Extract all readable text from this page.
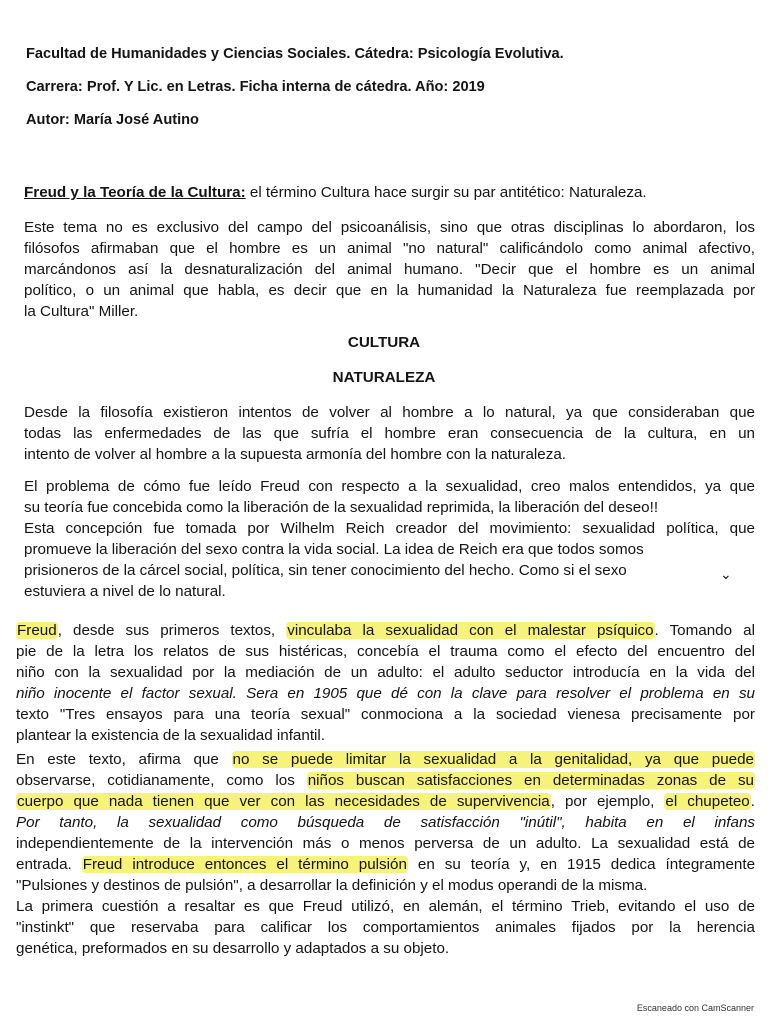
Facultad de Humanidades y Ciencias Sociales. Cátedra: Psicología Evolutiva.
Carrera: Prof. Y Lic. en Letras. Ficha interna de cátedra. Año: 2019
Autor: María José Autino
Freud y la Teoría de la Cultura: el término Cultura hace surgir su par antitético: Naturaleza.
Este tema no es exclusivo del campo del psicoanálisis, sino que otras disciplinas lo abordaron, los
filósofos afirmaban que el hombre es un animal "no natural" calificándolo como animal afectivo,
marcándonos así la desnaturalización del animal humano. "Decir que el hombre es un animal
político, o un animal que habla, es decir que en la humanidad la Naturaleza fue reemplazada por
la Cultura" Miller.
CULTURA
NATURALEZA
Desde la filosofía existieron intentos de volver al hombre a lo natural, ya que consideraban que
todas las enfermedades de las que sufría el hombre eran consecuencia de la cultura, en un
intento de volver al hombre a la supuesta armonía del hombre con la naturaleza.
El problema de cómo fue leído Freud con respecto a la sexualidad, creo malos entendidos, ya que
su teoría fue concebida como la liberación de la sexualidad reprimida, la liberación del deseo!!
Esta concepción fue tomada por Wilhelm Reich creador del movimiento: sexualidad política, que
promueve la liberación del sexo contra la vida social. La idea de Reich era que todos somos
prisioneros de la cárcel social, política, sin tener conocimiento del hecho. Como si el sexo
estuviera a nivel de lo natural.
⌄
Freud, desde sus primeros textos, vinculaba la sexualidad con el malestar psíquico. Tomando al
pie de la letra los relatos de sus histéricas, concebía el trauma como el efecto del encuentro del
niño con la sexualidad por la mediación de un adulto: el adulto seductor introducía en la vida del
niño inocente el factor sexual. Sera en 1905 que dé con la clave para resolver el problema en su
texto "Tres ensayos para una teoría sexual" conmociona a la sociedad vienesa precisamente por
plantear la existencia de la sexualidad infantil.
En este texto, afirma que no se puede limitar la sexualidad a la genitalidad, ya que puede
observarse, cotidianamente, como los niños buscan satisfacciones en determinadas zonas de su
cuerpo que nada tienen que ver con las necesidades de supervivencia, por ejemplo, el chupeteo.
Por tanto, la sexualidad como búsqueda de satisfacción "inútil", habita en el infans
independientemente de la intervención más o menos perversa de un adulto. La sexualidad está de
entrada. Freud introduce entonces el término pulsión en su teoría y, en 1915 dedica íntegramente
"Pulsiones y destinos de pulsión", a desarrollar la definición y el modus operandi de la misma.
La primera cuestión a resaltar es que Freud utilizó, en alemán, el término Trieb, evitando el uso de
"instinkt" que reservaba para calificar los comportamientos animales fijados por la herencia
genética, preformados en su desarrollo y adaptados a su objeto.
Escaneado con CamScanner
